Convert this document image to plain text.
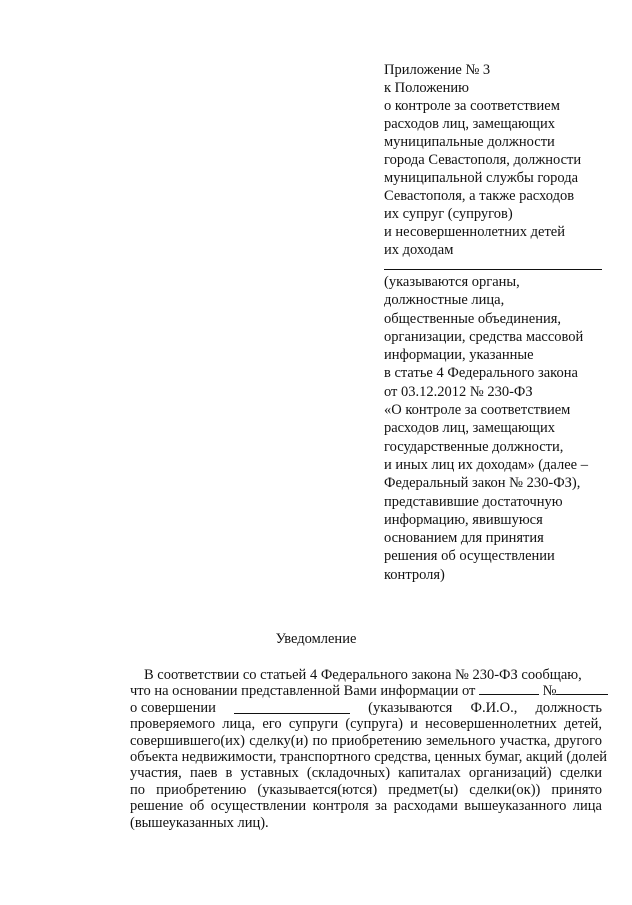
Приложение № 3
к Положению
о контроле за соответствием
расходов лиц, замещающих
муниципальные должности
города Севастополя, должности
муниципальной службы города
Севастополя, а также расходов
их супруг (супругов)
и несовершеннолетних детей
их доходам
(указываются органы,
должностные лица,
общественные объединения,
организации, средства массовой
информации, указанные
в статье 4 Федерального закона
от 03.12.2012 № 230-ФЗ
«О контроле за соответствием
расходов лиц, замещающих
государственные должности,
и иных лиц их доходам» (далее –
Федеральный закон № 230-ФЗ),
представившие достаточную
информацию, явившуюся
основанием для принятия
решения об осуществлении
контроля)
Уведомление
В соответствии со статьей 4 Федерального закона № 230-ФЗ сообщаю,
что на основании представленной Вами информации от	№
о совершении	(указываются Ф.И.О., должность
проверяемого лица, его супруги (супруга) и несовершеннолетних детей,
совершившего(их) сделку(и) по приобретению земельного участка, другого
объекта недвижимости, транспортного средства, ценных бумаг, акций (долей
участия, паев в уставных (складочных) капиталах организаций) сделки
по приобретению (указывается(ются) предмет(ы) сделки(ок)) принято
решение об осуществлении контроля за расходами вышеуказанного лица
(вышеуказанных лиц).
